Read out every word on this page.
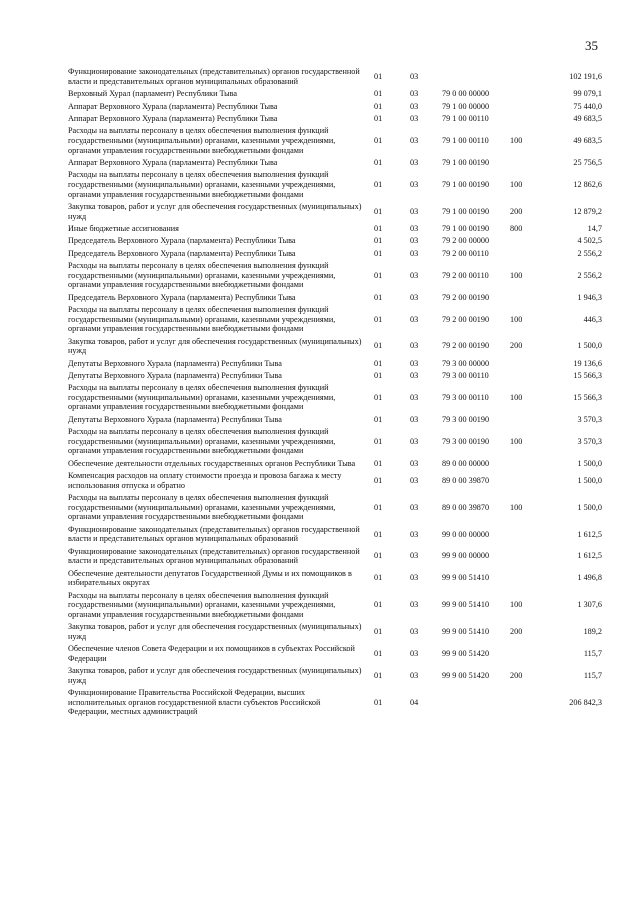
35
Функционирование законодательных (представительных) органов государственной власти и представительных органов муниципальных образований	01	03			102 191,6
Верховный Хурал (парламент) Республики Тыва	01	03	79 0 00 00000		99 079,1
Аппарат Верховного Хурала (парламента) Республики Тыва	01	03	79 1 00 00000		75 440,0
Аппарат Верховного Хурала (парламента) Республики Тыва	01	03	79 1 00 00110		49 683,5
Расходы на выплаты персоналу в целях обеспечения выполнения функций государственными (муниципальными) органами, казенными учреждениями, органами управления государственными внебюджетными фондами	01	03	79 1 00 00110	100	49 683,5
Аппарат Верховного Хурала (парламента) Республики Тыва	01	03	79 1 00 00190		25 756,5
Расходы на выплаты персоналу в целях обеспечения выполнения функций государственными (муниципальными) органами, казенными учреждениями, органами управления государственными внебюджетными фондами	01	03	79 1 00 00190	100	12 862,6
Закупка товаров, работ и услуг для обеспечения государственных (муниципальных) нужд	01	03	79 1 00 00190	200	12 879,2
Иные бюджетные ассигнования	01	03	79 1 00 00190	800	14,7
Председатель Верховного Хурала (парламента) Республики Тыва	01	03	79 2 00 00000		4 502,5
Председатель Верховного Хурала (парламента) Республики Тыва	01	03	79 2 00 00110		2 556,2
Расходы на выплаты персоналу в целях обеспечения выполнения функций государственными (муниципальными) органами, казенными учреждениями, органами управления государственными внебюджетными фондами	01	03	79 2 00 00110	100	2 556,2
Председатель Верховного Хурала (парламента) Республики Тыва	01	03	79 2 00 00190		1 946,3
Расходы на выплаты персоналу в целях обеспечения выполнения функций государственными (муниципальными) органами, казенными учреждениями, органами управления государственными внебюджетными фондами	01	03	79 2 00 00190	100	446,3
Закупка товаров, работ и услуг для обеспечения государственных (муниципальных) нужд	01	03	79 2 00 00190	200	1 500,0
Депутаты Верховного Хурала (парламента) Республики Тыва	01	03	79 3 00 00000		19 136,6
Депутаты Верховного Хурала (парламента) Республики Тыва	01	03	79 3 00 00110		15 566,3
Расходы на выплаты персоналу в целях обеспечения выполнения функций государственными (муниципальными) органами, казенными учреждениями, органами управления государственными внебюджетными фондами	01	03	79 3 00 00110	100	15 566,3
Депутаты Верховного Хурала (парламента) Республики Тыва	01	03	79 3 00 00190		3 570,3
Расходы на выплаты персоналу в целях обеспечения выполнения функций государственными (муниципальными) органами, казенными учреждениями, органами управления государственными внебюджетными фондами	01	03	79 3 00 00190	100	3 570,3
Обеспечение деятельности отдельных государственных органов Республики Тыва	01	03	89 0 00 00000		1 500,0
Компенсация расходов на оплату стоимости проезда и провоза багажа к месту использования отпуска и обратно	01	03	89 0 00 39870		1 500,0
Расходы на выплаты персоналу в целях обеспечения выполнения функций государственными (муниципальными) органами, казенными учреждениями, органами управления государственными внебюджетными фондами	01	03	89 0 00 39870	100	1 500,0
Функционирование законодательных (представительных) органов государственной власти и представительных органов муниципальных образований	01	03	99 0 00 00000		1 612,5
Функционирование законодательных (представительных) органов государственной власти и представительных органов муниципальных образований	01	03	99 9 00 00000		1 612,5
Обеспечение деятельности депутатов Государственной Думы и их помощников в избирательных округах	01	03	99 9 00 51410		1 496,8
Расходы на выплаты персоналу в целях обеспечения выполнения функций государственными (муниципальными) органами, казенными учреждениями, органами управления государственными внебюджетными фондами	01	03	99 9 00 51410	100	1 307,6
Закупка товаров, работ и услуг для обеспечения государственных (муниципальных) нужд	01	03	99 9 00 51410	200	189,2
Обеспечение членов Совета Федерации и их помощников в субъектах Российской Федерации	01	03	99 9 00 51420		115,7
Закупка товаров, работ и услуг для обеспечения государственных (муниципальных) нужд	01	03	99 9 00 51420	200	115,7
Функционирование Правительства Российской Федерации, высших исполнительных органов государственной власти субъектов Российской Федерации, местных администраций	01	04			206 842,3
